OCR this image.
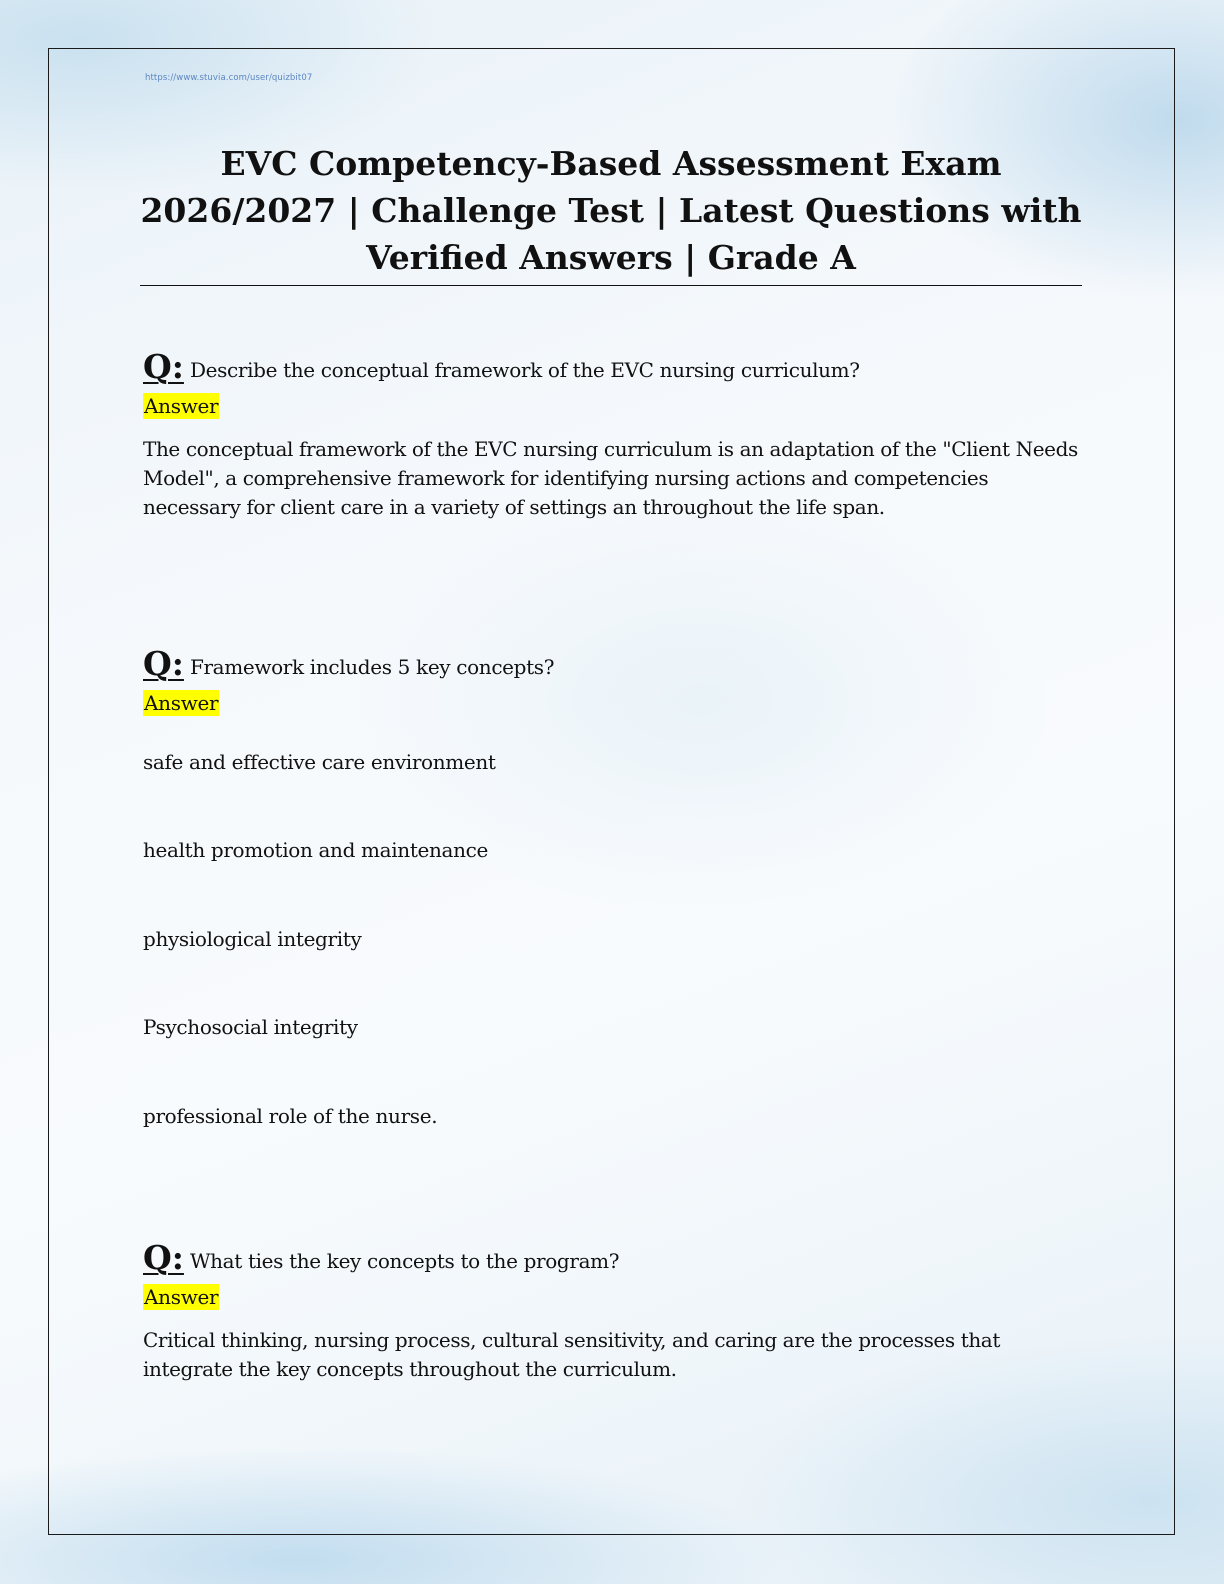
https://www.stuvia.com/user/quizbit07
EVC Competency-Based Assessment Exam 2026/2027 | Challenge Test | Latest Questions with Verified Answers | Grade A
Q: Describe the conceptual framework of the EVC nursing curriculum?
Answer

The conceptual framework of the EVC nursing curriculum is an adaptation of the "Client Needs Model", a comprehensive framework for identifying nursing actions and competencies necessary for client care in a variety of settings an throughout the life span.

Q: Framework includes 5 key concepts?
Answer
safe and effective care environment
health promotion and maintenance
physiological integrity
Psychosocial integrity
professional role of the nurse.
Q: What ties the key concepts to the program?
Answer

Critical thinking, nursing process, cultural sensitivity, and caring are the processes that integrate the key concepts throughout the curriculum.
